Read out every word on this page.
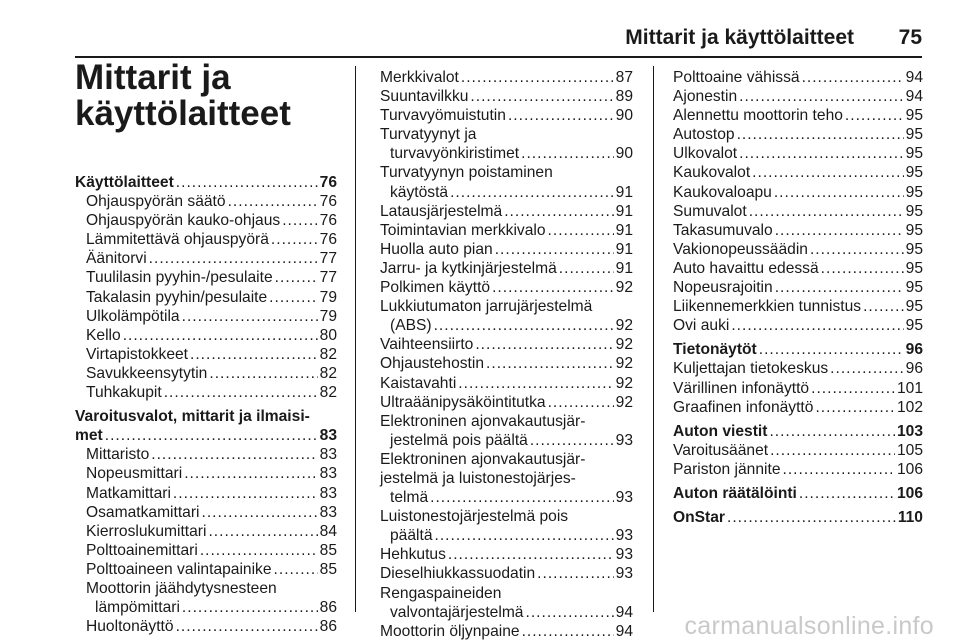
Mittarit ja käyttölaitteet 75
Mittarit ja
käyttölaitteet
Käyttölaitteet .....	76
Ohjauspyörän säätö .....	76
Ohjauspyörän kauko-ohjaus .....	76
Lämmitettävä ohjauspyörä .....	76
Äänitorvi .....	77
Tuulilasin pyyhin-/pesulaite .....	77
Takalasin pyyhin/pesulaite .....	79
Ulkolämpötila .....	79
Kello .....	80
Virtapistokkeet .....	82
Savukkeensytytin .....	82
Tuhkakupit .....	82
Varoitusvalot, mittarit ja ilmaisi-
met .....	83
Mittaristo .....	83
Nopeusmittari .....	83
Matkamittari .....	83
Osamatkamittari .....	83
Kierroslukumittari .....	84
Polttoainemittari .....	85
Polttoaineen valintapainike .....	85
Moottorin jäähdytysnesteen
lämpömittari .....	86
Huoltonäyttö .....	86
Merkkivalot .....	87
Suuntavilkku .....	89
Turvavyömuistutin .....	90
Turvatyynyt ja
turvavyönkiristimet .....	90
Turvatyynyn poistaminen
käytöstä .....	91
Latausjärjestelmä .....	91
Toimintavian merkkivalo .....	91
Huolla auto pian .....	91
Jarru- ja kytkinjärjestelmä .....	91
Polkimen käyttö .....	92
Lukkiutumaton jarrujärjestelmä
(ABS) .....	92
Vaihteensiirto .....	92
Ohjaustehostin .....	92
Kaistavahti .....	92
Ultraäänipysäköintitutka .....	92
Elektroninen ajonvakautusjär-
jestelmä pois päältä .....	93
Elektroninen ajonvakautusjär-
jestelmä ja luistonestojärjes-
telmä .....	93
Luistonestojärjestelmä pois
päältä .....	93
Hehkutus .....	93
Dieselhiukkassuodatin .....	93
Rengaspaineiden
valvontajärjestelmä .....	94
Moottorin öljynpaine .....	94
Polttoaine vähissä .....	94
Ajonestin .....	94
Alennettu moottorin teho .....	95
Autostop .....	95
Ulkovalot .....	95
Kaukovalot .....	95
Kaukovaloapu .....	95
Sumuvalot .....	95
Takasumuvalo .....	95
Vakionopeussäädin .....	95
Auto havaittu edessä .....	95
Nopeusrajoitin .....	95
Liikennemerkkien tunnistus .....	95
Ovi auki .....	95
Tietonäytöt .....	96
Kuljettajan tietokeskus .....	96
Värillinen infonäyttö .....	101
Graafinen infonäyttö .....	102
Auton viestit .....	103
Varoitusäänet .....	105
Pariston jännite .....	106
Auton räätälöinti .....	106
OnStar .....	110
carmanualsonline.info
